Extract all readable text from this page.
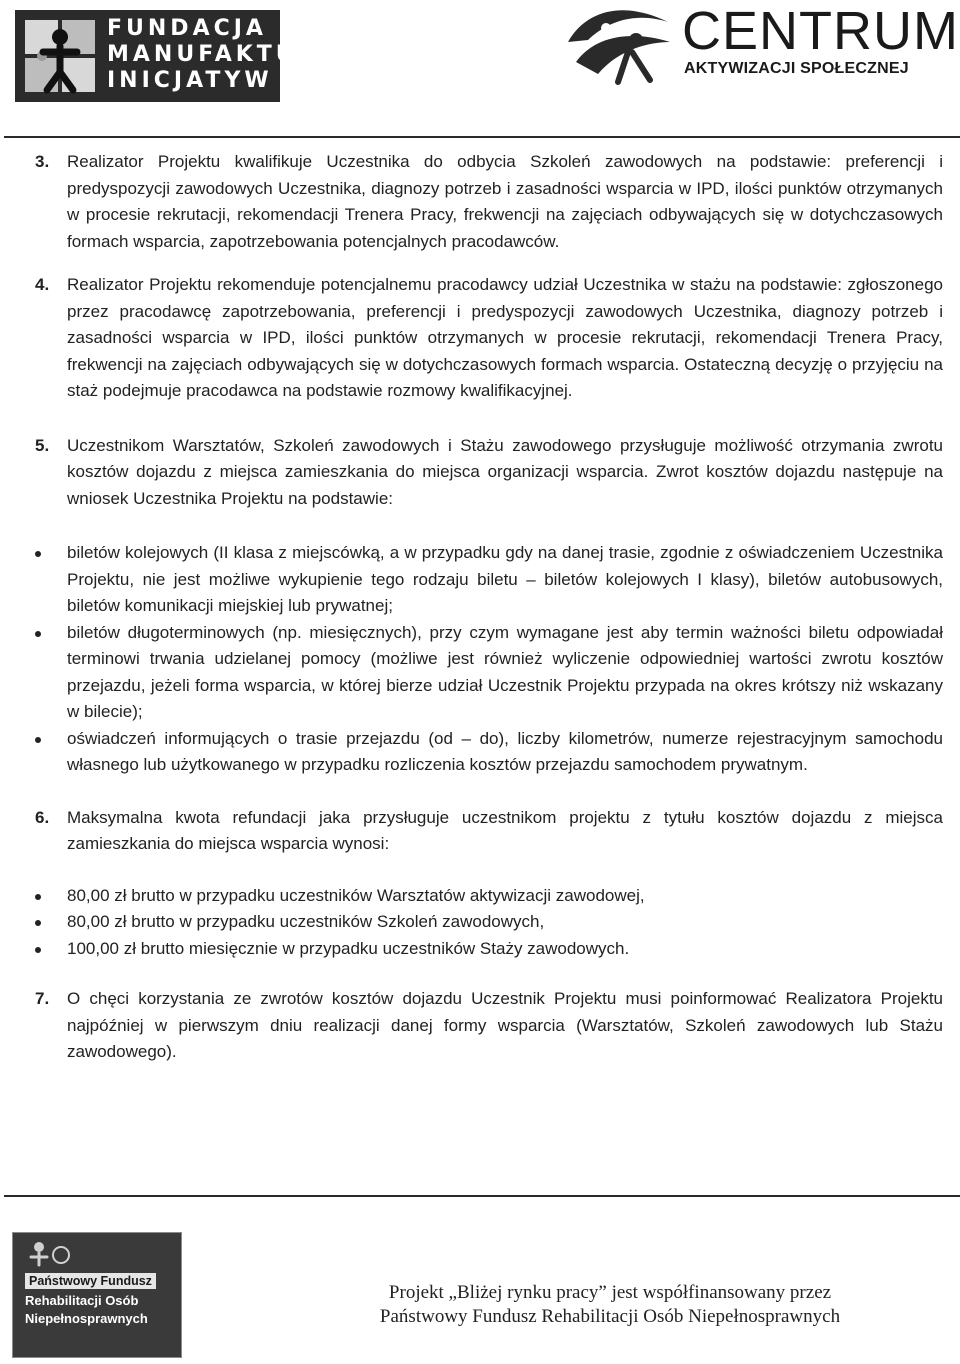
FUNDACJA
MANUFAKTURA
INICJATYW
CENTRUM
AKTYWIZACJI SPOŁECZNEJ
3. Realizator Projektu kwalifikuje Uczestnika do odbycia Szkoleń zawodowych na podstawie: preferencji i predyspozycji zawodowych Uczestnika, diagnozy potrzeb i zasadności wsparcia w IPD, ilości punktów otrzymanych w procesie rekrutacji, rekomendacji Trenera Pracy, frekwencji na zajęciach odbywających się w dotychczasowych formach wsparcia, zapotrzebowania potencjalnych pracodawców.
4. Realizator Projektu rekomenduje potencjalnemu pracodawcy udział Uczestnika w stażu na podstawie: zgłoszonego przez pracodawcę zapotrzebowania, preferencji i predyspozycji zawodowych Uczestnika, diagnozy potrzeb i zasadności wsparcia w IPD, ilości punktów otrzymanych w procesie rekrutacji, rekomendacji Trenera Pracy, frekwencji na zajęciach odbywających się w dotychczasowych formach wsparcia. Ostateczną decyzję o przyjęciu na staż podejmuje pracodawca na podstawie rozmowy kwalifikacyjnej.
5. Uczestnikom Warsztatów, Szkoleń zawodowych i Stażu zawodowego przysługuje możliwość otrzymania zwrotu kosztów dojazdu z miejsca zamieszkania do miejsca organizacji wsparcia. Zwrot kosztów dojazdu następuje na wniosek Uczestnika Projektu na podstawie:
biletów kolejowych (II klasa z miejscówką, a w przypadku gdy na danej trasie, zgodnie z oświadczeniem Uczestnika Projektu, nie jest możliwe wykupienie tego rodzaju biletu – biletów kolejowych I klasy), biletów autobusowych, biletów komunikacji miejskiej lub prywatnej;
biletów długoterminowych (np. miesięcznych), przy czym wymagane jest aby termin ważności biletu odpowiadał terminowi trwania udzielanej pomocy (możliwe jest również wyliczenie odpowiedniej wartości zwrotu kosztów przejazdu, jeżeli forma wsparcia, w której bierze udział Uczestnik Projektu przypada na okres krótszy niż wskazany w bilecie);
oświadczeń informujących o trasie przejazdu (od – do), liczby kilometrów, numerze rejestracyjnym samochodu własnego lub użytkowanego w przypadku rozliczenia kosztów przejazdu samochodem prywatnym.
6. Maksymalna kwota refundacji jaka przysługuje uczestnikom projektu z tytułu kosztów dojazdu z miejsca zamieszkania do miejsca wsparcia wynosi:
80,00 zł brutto w przypadku uczestników Warsztatów aktywizacji zawodowej,
80,00 zł brutto w przypadku uczestników Szkoleń zawodowych,
100,00 zł brutto miesięcznie w przypadku uczestników Staży zawodowych.
7. O chęci korzystania ze zwrotów kosztów dojazdu Uczestnik Projektu musi poinformować Realizatora Projektu najpóźniej w pierwszym dniu realizacji danej formy wsparcia (Warsztatów, Szkoleń zawodowych lub Stażu zawodowego).
Państwowy Fundusz
Rehabilitacji Osób
Niepełnosprawnych
Projekt „Bliżej rynku pracy” jest współfinansowany przez
Państwowy Fundusz Rehabilitacji Osób Niepełnosprawnych
